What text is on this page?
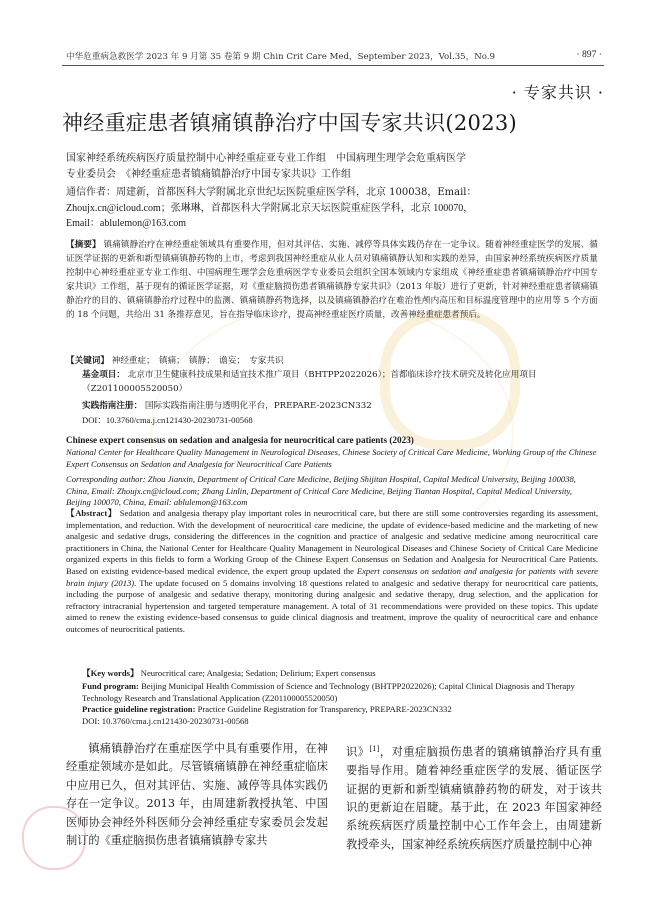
中华危重病急救医学 2023 年 9 月第 35 卷第 9 期 Chin Crit Care Med，September 2023，Vol.35，No.9	· 897 ·
· 专家共识 ·
神经重症患者镇痛镇静治疗中国专家共识(2023)
国家神经系统疾病医疗质量控制中心神经重症亚专业工作组　中国病理生理学会危重病医学
专业委员会　《神经重症患者镇痛镇静治疗中国专家共识》工作组
通信作者：周建新，首都医科大学附属北京世纪坛医院重症医学科，北京 100038，Email：
Zhoujx.cn@icloud.com；张琳琳，首都医科大学附属北京天坛医院重症医学科，北京 100070，
Email：ablulemon@163.com
【摘要】 镇痛镇静治疗在神经重症领域具有重要作用，但对其评估、实施、减停等具体实践仍存在一定争议。随着神经重症医学的发展、循证医学证据的更新和新型镇痛镇静药物的上市，考虑到我国神经重症从业人员对镇痛镇静认知和实践的差异，由国家神经系统疾病医疗质量控制中心神经重症亚专业工作组、中国病理生理学会危重病医学专业委员会组织全国本领域内专家组成《神经重症患者镇痛镇静治疗中国专家共识》工作组，基于现有的循证医学证据，对《重症脑损伤患者镇痛镇静专家共识》（2013 年版）进行了更新，针对神经重症患者镇痛镇静治疗的目的、镇痛镇静治疗过程中的监测、镇痛镇静药物选择，以及镇痛镇静治疗在难治性颅内高压和目标温度管理中的应用等 5 个方面的 18 个问题，共给出 31 条推荐意见，旨在指导临床诊疗，提高神经重症医疗质量，改善神经重症患者预后。
【关键词】 神经重症；　镇痛；　镇静；　谵妄；　专家共识
基金项目： 北京市卫生健康科技成果和适宜技术推广项目（BHTPP2022026）；首都临床诊疗技术研究及转化应用项目（Z201100005520050）
实践指南注册： 国际实践指南注册与透明化平台，PREPARE-2023CN332
DOI：10.3760/cma.j.cn121430-20230731-00568
Chinese expert consensus on sedation and analgesia for neurocritical care patients (2023)
National Center for Healthcare Quality Management in Neurological Diseases, Chinese Society of Critical Care Medicine, Working Group of the Chinese Expert Consensus on Sedation and Analgesia for Neurocritical Care Patients
Corresponding author: Zhou Jianxin, Department of Critical Care Medicine, Beijing Shijitan Hospital, Capital Medical University, Beijing 100038, China, Email: Zhoujx.cn@icloud.com; Zhang Linlin, Department of Critical Care Medicine, Beijing Tiantan Hospital, Capital Medical University, Beijing 100070, China, Email: ablulemon@163.com
【Abstract】 Sedation and analgesia therapy play important roles in neurocritical care, but there are still some controversies regarding its assessment, implementation, and reduction. With the development of neurocritical care medicine, the update of evidence-based medicine and the marketing of new analgesic and sedative drugs, considering the differences in the cognition and practice of analgesic and sedative medicine among neurocritical care practitioners in China, the National Center for Healthcare Quality Management in Neurological Diseases and Chinese Society of Critical Care Medicine organized experts in this fields to form a Working Group of the Chinese Expert Consensus on Sedation and Analgesia for Neurocritical Care Patients. Based on existing evidence-based medical evidence, the expert group updated the Expert consensus on sedation and analgesia for patients with severe brain injury (2013). The update focused on 5 domains involving 18 questions related to analgesic and sedative therapy for neurocritical care patients, including the purpose of analgesic and sedative therapy, monitoring during analgesic and sedative therapy, drug selection, and the application for refractory intracranial hypertension and targeted temperature management. A total of 31 recommendations were provided on these topics. This update aimed to renew the existing evidence-based consensus to guide clinical diagnosis and treatment, improve the quality of neurocritical care and enhance outcomes of neurocritical patients.
【Key words】 Neurocritical care; Analgesia; Sedation; Delirium; Expert consensus
Fund program: Beijing Municipal Health Commission of Science and Technology (BHTPP2022026); Capital Clinical Diagnosis and Therapy Technology Research and Translational Application (Z201100005520050)
Practice guideline registration: Practice Guideline Registration for Transparency, PREPARE-2023CN332
DOI: 10.3760/cma.j.cn121430-20230731-00568
镇痛镇静治疗在重症医学中具有重要作用，在神经重症领域亦是如此。尽管镇痛镇静在神经重症临床中应用已久，但对其评估、实施、减停等具体实践仍存在一定争议。2013 年，由周建新教授执笔、中国医师协会神经外科医师分会神经重症专家委员会发起制订的《重症脑损伤患者镇痛镇静专家共
识》[1]，对重症脑损伤患者的镇痛镇静治疗具有重要指导作用。随着神经重症医学的发展、循证医学证据的更新和新型镇痛镇静药物的研发，对于该共识的更新迫在眉睫。基于此，在 2023 年国家神经系统疾病医疗质量控制中心工作年会上，由周建新教授牵头，国家神经系统疾病医疗质量控制中心神
